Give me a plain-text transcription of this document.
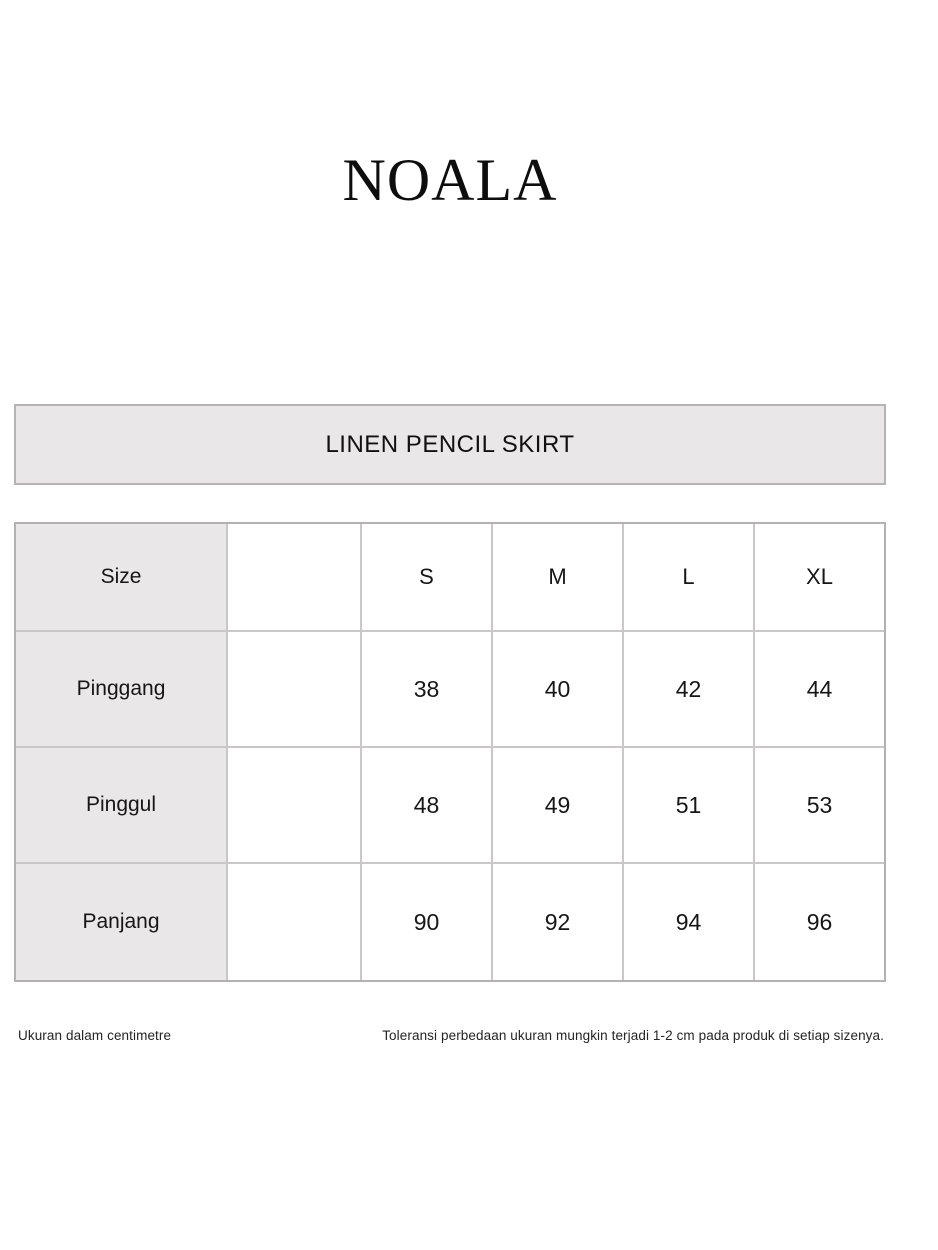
NOALA
LINEN PENCIL SKIRT
Size	S	M	L	XL
Pinggang	38	40	42	44
Pinggul	48	49	51	53
Panjang	90	92	94	96
Ukuran dalam centimetre	Toleransi perbedaan ukuran mungkin terjadi 1-2 cm pada produk di setiap sizenya.
